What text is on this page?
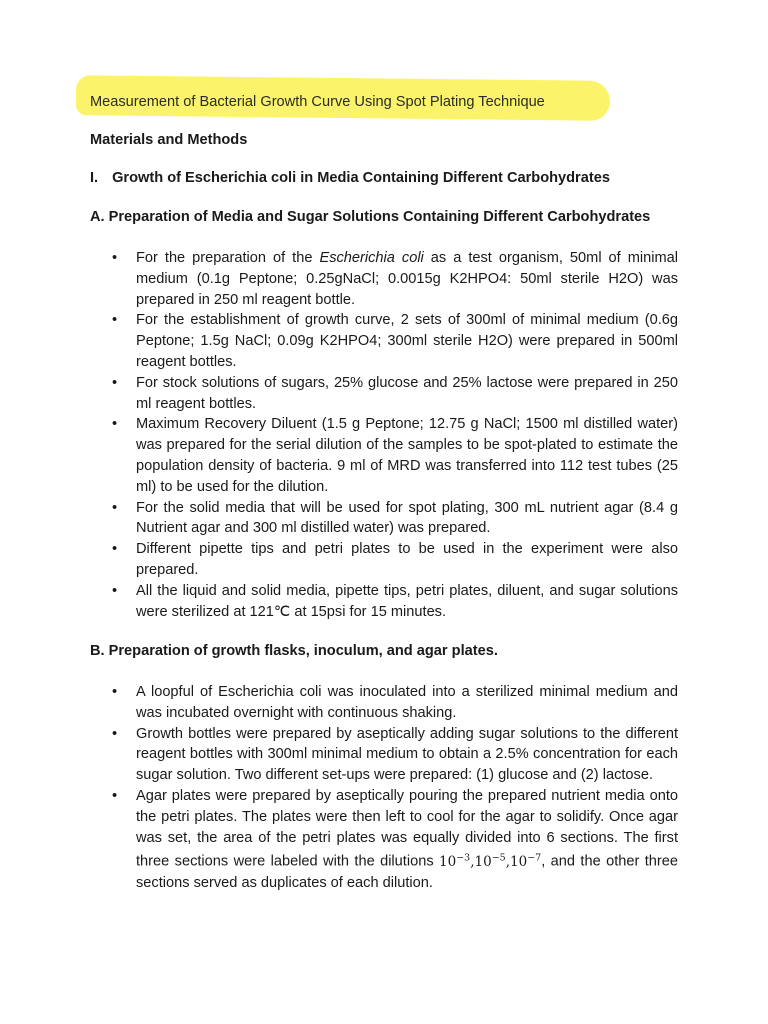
Measurement of Bacterial Growth Curve Using Spot Plating Technique
Materials and Methods
I. Growth of Escherichia coli in Media Containing Different Carbohydrates
A. Preparation of Media and Sugar Solutions Containing Different Carbohydrates
• For the preparation of the Escherichia coli as a test organism, 50ml of minimal medium (0.1g Peptone; 0.25gNaCl; 0.0015g K2HPO4: 50ml sterile H2O) was prepared in 250 ml reagent bottle.
• For the establishment of growth curve, 2 sets of 300ml of minimal medium (0.6g Peptone; 1.5g NaCl; 0.09g K2HPO4; 300ml sterile H2O) were prepared in 500ml reagent bottles.
• For stock solutions of sugars, 25% glucose and 25% lactose were prepared in 250 ml reagent bottles.
• Maximum Recovery Diluent (1.5 g Peptone; 12.75 g NaCl; 1500 ml distilled water) was prepared for the serial dilution of the samples to be spot-plated to estimate the population density of bacteria. 9 ml of MRD was transferred into 112 test tubes (25 ml) to be used for the dilution.
• For the solid media that will be used for spot plating, 300 mL nutrient agar (8.4 g Nutrient agar and 300 ml distilled water) was prepared.
• Different pipette tips and petri plates to be used in the experiment were also prepared.
• All the liquid and solid media, pipette tips, petri plates, diluent, and sugar solutions were sterilized at 121℃ at 15psi for 15 minutes.
B. Preparation of growth flasks, inoculum, and agar plates.
• A loopful of Escherichia coli was inoculated into a sterilized minimal medium and was incubated overnight with continuous shaking.
• Growth bottles were prepared by aseptically adding sugar solutions to the different reagent bottles with 300ml minimal medium to obtain a 2.5% concentration for each sugar solution. Two different set-ups were prepared: (1) glucose and (2) lactose.
• Agar plates were prepared by aseptically pouring the prepared nutrient media onto the petri plates. The plates were then left to cool for the agar to solidify. Once agar was set, the area of the petri plates was equally divided into 6 sections. The first three sections were labeled with the dilutions $10^{-3},10^{-5},10^{-7}$, and the other three sections served as duplicates of each dilution.
